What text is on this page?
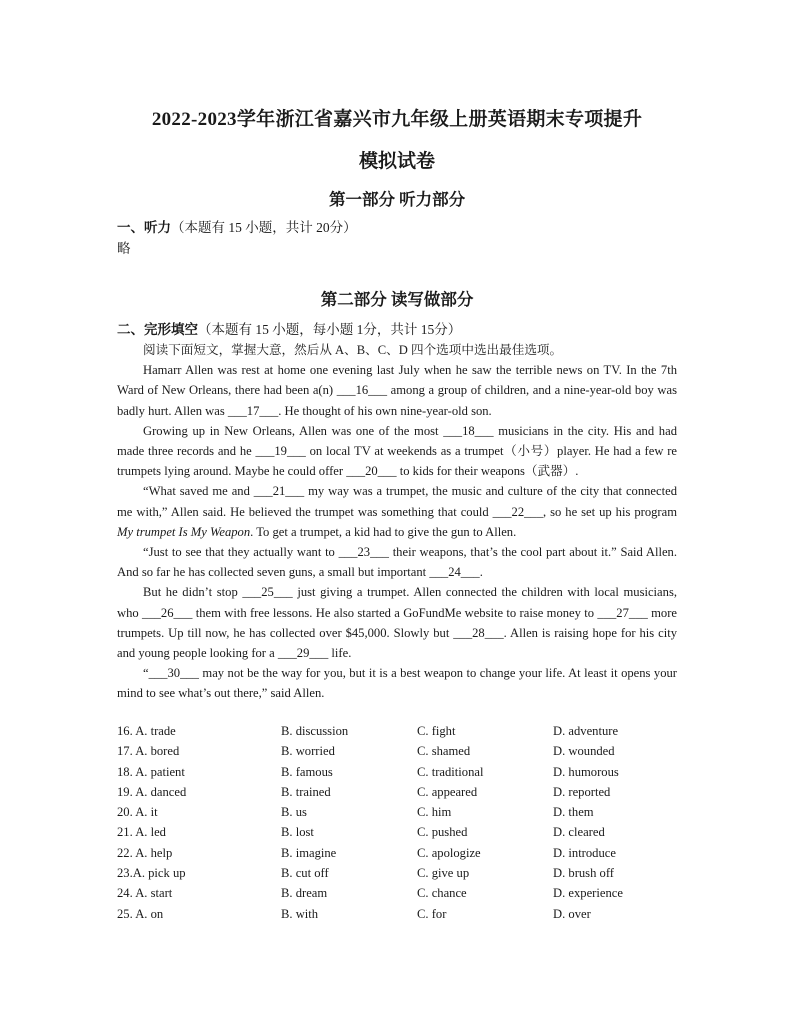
2022-2023学年浙江省嘉兴市九年级上册英语期末专项提升
模拟试卷
第一部分 听力部分
一、听力（本题有 15 小题，共计 20分）
略
第二部分 读写做部分
二、完形填空（本题有 15 小题，每小题 1分，共计 15分）

阅读下面短文，掌握大意，然后从 A、B、C、D 四个选项中选出最佳选项。

Hamarr Allen was rest at home one evening last July when he saw the terrible news on TV. In the 7th Ward of New Orleans, there had been a(n) ___16___ among a group of children, and a nine-year-old boy was badly hurt. Allen was ___17___. He thought of his own nine-year-old son.

Growing up in New Orleans, Allen was one of the most ___18___ musicians in the city. His and had made three records and he ___19___ on local TV at weekends as a trumpet（小号）player. He had a few re trumpets lying around. Maybe he could offer ___20___ to kids for their weapons（武器）.

“What saved me and ___21___ my way was a trumpet, the music and culture of the city that connected me with,” Allen said. He believed the trumpet was something that could ___22___, so he set up his program My trumpet Is My Weapon. To get a trumpet, a kid had to give the gun to Allen.

“Just to see that they actually want to ___23___ their weapons, that’s the cool part about it.” Said Allen. And so far he has collected seven guns, a small but important ___24___.

But he didn’t stop ___25___ just giving a trumpet. Allen connected the children with local musicians, who ___26___ them with free lessons. He also started a GoFundMe website to raise money to ___27___ more trumpets. Up till now, he has collected over $45,000. Slowly but ___28___. Allen is raising hope for his city and young people looking for a ___29___ life.

“___30___ may not be the way for you, but it is a best weapon to change your life. At least it opens your mind to see what’s out there,” said Allen.

16. A. trade	B. discussion	C. fight	D. adventure
17. A. bored	B. worried	C. shamed	D. wounded
18. A. patient	B. famous	C. traditional	D. humorous
19. A. danced	B. trained	C. appeared	D. reported
20. A. it	B. us	C. him	D. them
21. A. led	B. lost	C. pushed	D. cleared
22. A. help	B. imagine	C. apologize	D. introduce
23.A. pick up	B. cut off	C. give up	D. brush off
24. A. start	B. dream	C. chance	D. experience
25. A. on	B. with	C. for	D. over
